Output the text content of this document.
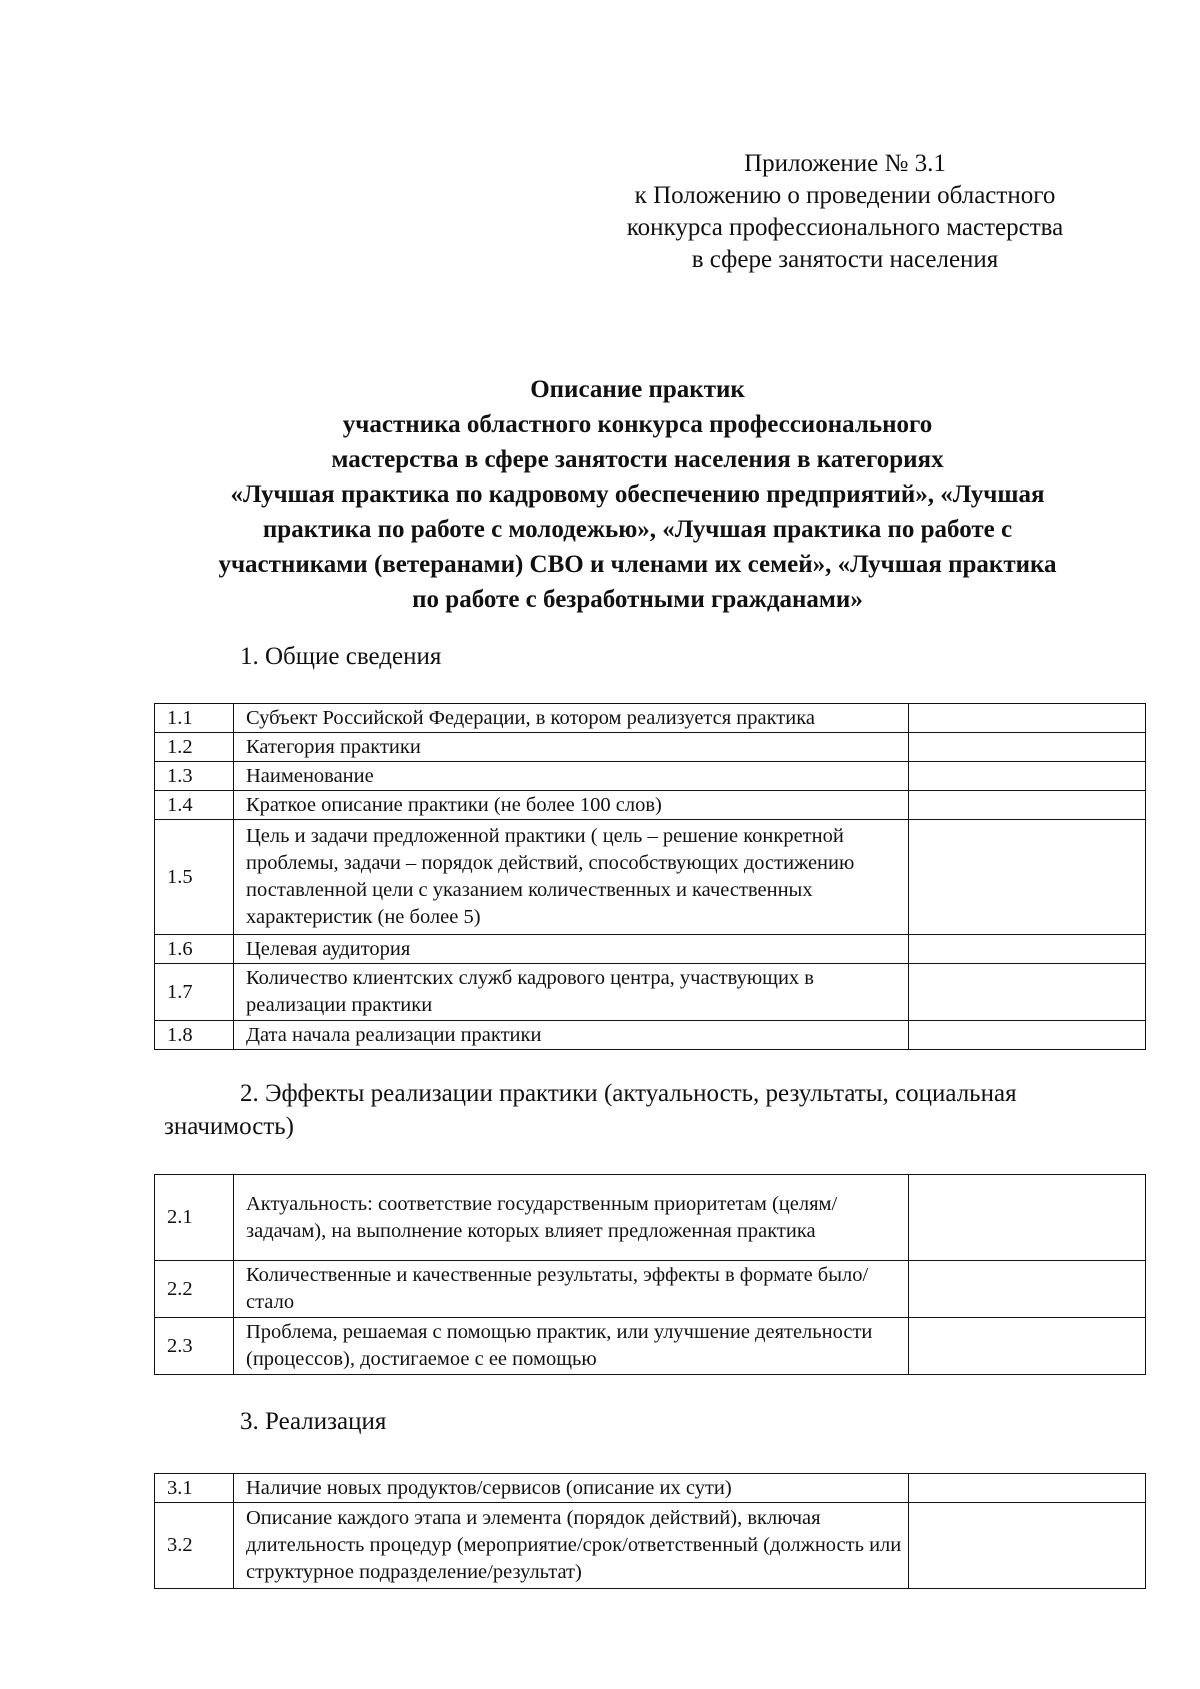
Приложение № 3.1
к Положению о проведении областного
конкурса профессионального мастерства
в сфере занятости населения
Описание практик
участника областного конкурса профессионального
мастерства в сфере занятости населения в категориях
«Лучшая практика по кадровому обеспечению предприятий», «Лучшая
практика по работе с молодежью», «Лучшая практика по работе с
участниками (ветеранами) СВО и членами их семей», «Лучшая практика
по работе с безработными гражданами»
1. Общие сведения
1.1	Субъект Российской Федерации, в котором реализуется практика	
1.2	Категория практики	
1.3	Наименование	
1.4	Краткое описание практики (не более 100 слов)	
1.5	Цель и задачи предложенной практики ( цель – решение конкретной проблемы, задачи – порядок действий, способствующих достижению поставленной цели с указанием количественных и качественных характеристик (не более 5)	
1.6	Целевая аудитория	
1.7	Количество клиентских служб кадрового центра, участвующих в реализации практики	
1.8	Дата начала реализации практики	
2. Эффекты реализации практики (актуальность, результаты, социальная
значимость)
2.1	Актуальность: соответствие государственным приоритетам (целям/задачам), на выполнение которых влияет предложенная практика	
2.2	Количественные и качественные результаты, эффекты в формате было/стало	
2.3	Проблема, решаемая с помощью практик, или улучшение деятельности (процессов), достигаемое с ее помощью	
3. Реализация
3.1	Наличие новых продуктов/сервисов (описание их сути)	
3.2	Описание каждого этапа и элемента (порядок действий), включая длительность процедур (мероприятие/срок/ответственный (должность или структурное подразделение/результат)	
